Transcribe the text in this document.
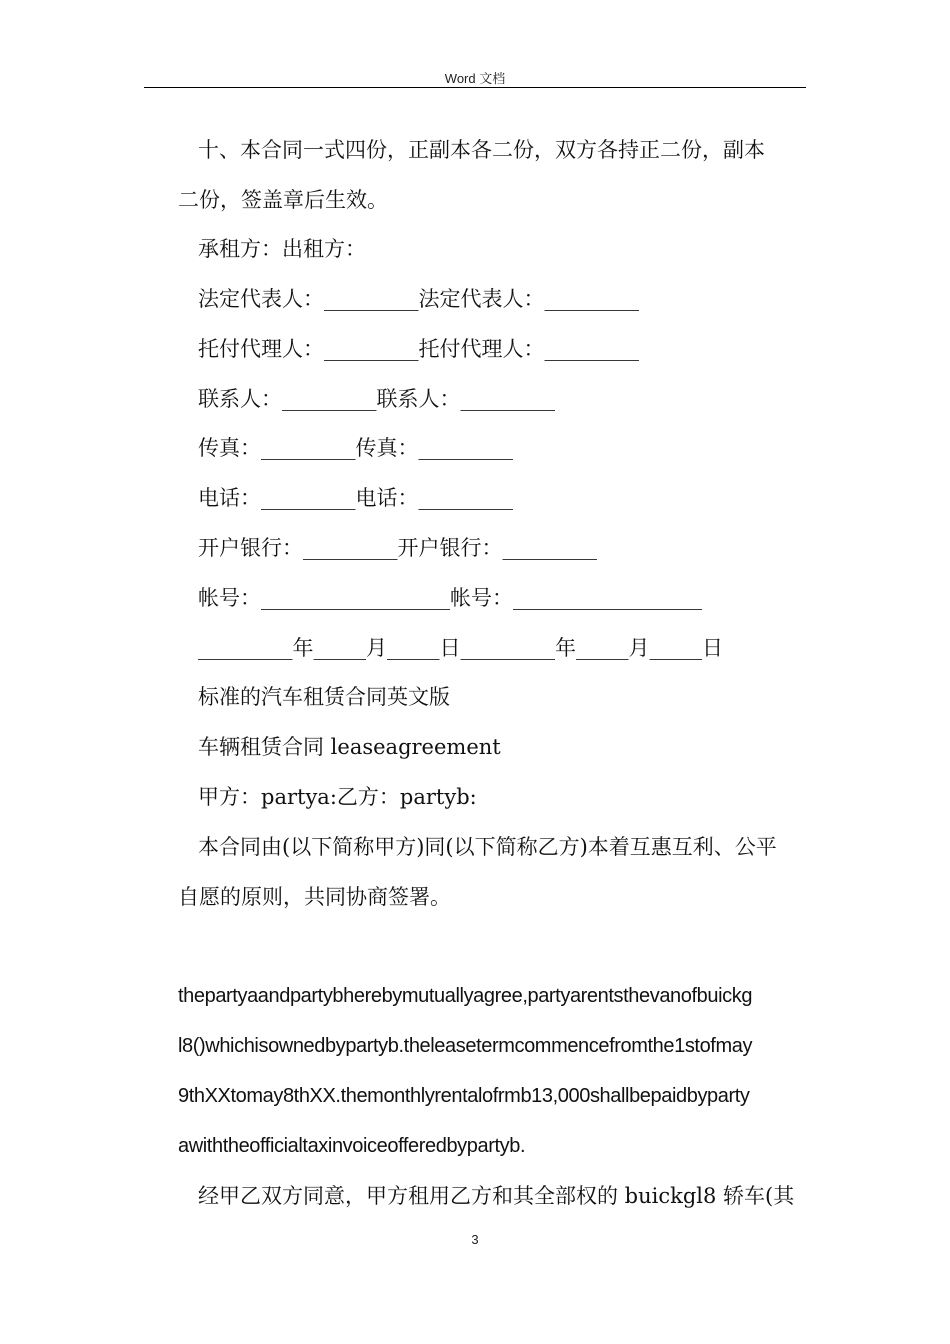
Word 文档
十、本合同一式四份，正副本各二份，双方各持正二份，副本
二份，签盖章后生效。
承租方：出租方：
法定代表人：_________法定代表人：_________
托付代理人：_________托付代理人：_________
联系人：_________联系人：_________
传真：_________传真：_________
电话：_________电话：_________
开户银行：_________开户银行：_________
帐号：__________________帐号：__________________
_________年_____月_____日_________年_____月_____日
标准的汽车租赁合同英文版
车辆租赁合同 leaseagreement
甲方：partya:乙方：partyb:
本合同由(以下简称甲方)同(以下简称乙方)本着互惠互利、公平
自愿的原则，共同协商签署。
thepartyaandpartybherebymutuallyagree,partyarentsthevanofbuickg
l8()whichisownedbypartyb.theleasetermcommencefromthe1stofmay
9thXXtomay8thXX.themonthlyrentalofrmb13,000shallbepaidbyparty
awiththeofficialtaxinvoiceofferedbypartyb.
经甲乙双方同意，甲方租用乙方和其全部权的 buickgl8 轿车(其
3
